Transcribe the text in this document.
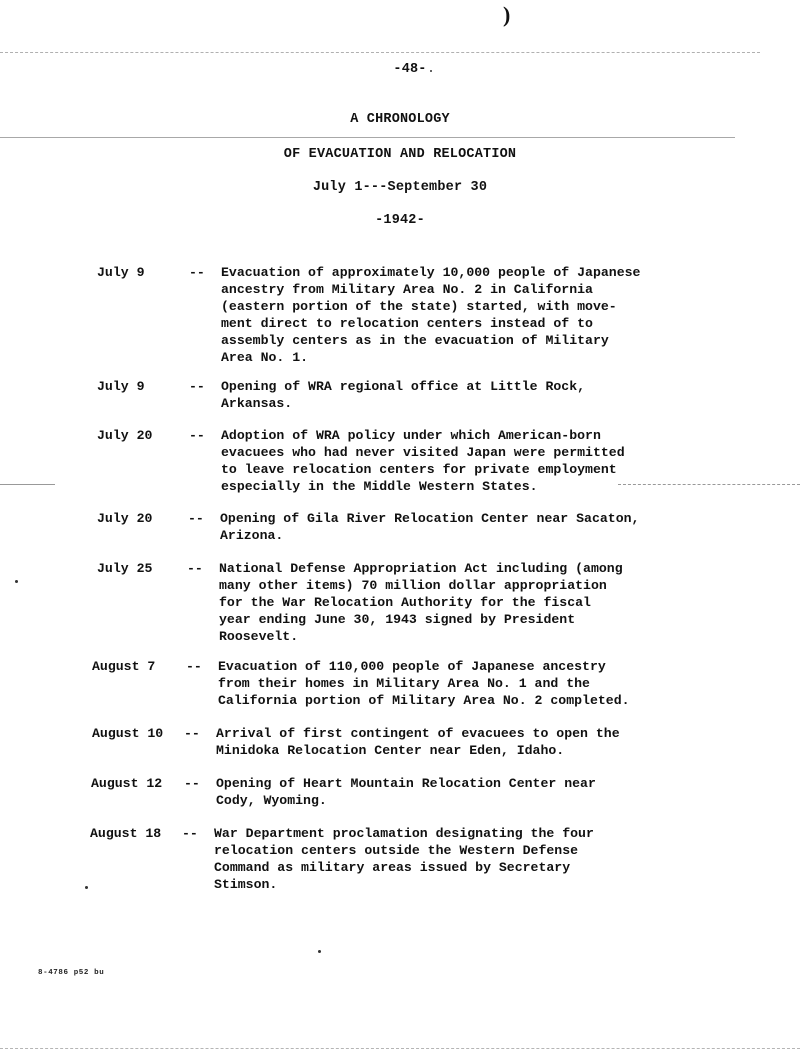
)
-48-
A CHRONOLOGY
OF EVACUATION AND RELOCATION
July 1---September 30
-1942-
July 9	-- Evacuation of approximately 10,000 people of Japanese
ancestry from Military Area No. 2 in California
(eastern portion of the state) started, with move-
ment direct to relocation centers instead of to
assembly centers as in the evacuation of Military
Area No. 1.
July 9	-- Opening of WRA regional office at Little Rock,
Arkansas.
July 20	-- Adoption of WRA policy under which American-born
evacuees who had never visited Japan were permitted
to leave relocation centers for private employment
especially in the Middle Western States.
July 20	-- Opening of Gila River Relocation Center near Sacaton,
Arizona.
July 25	-- National Defense Appropriation Act including (among
many other items) 70 million dollar appropriation
for the War Relocation Authority for the fiscal
year ending June 30, 1943 signed by President
Roosevelt.
August 7 -- Evacuation of 110,000 people of Japanese ancestry
from their homes in Military Area No. 1 and the
California portion of Military Area No. 2 completed.
August 10 -- Arrival of first contingent of evacuees to open the
Minidoka Relocation Center near Eden, Idaho.
August 12 -- Opening of Heart Mountain Relocation Center near
Cody, Wyoming.
August 18 -- War Department proclamation designating the four
relocation centers outside the Western Defense
Command as military areas issued by Secretary
Stimson.
8-4786 p52 bu
